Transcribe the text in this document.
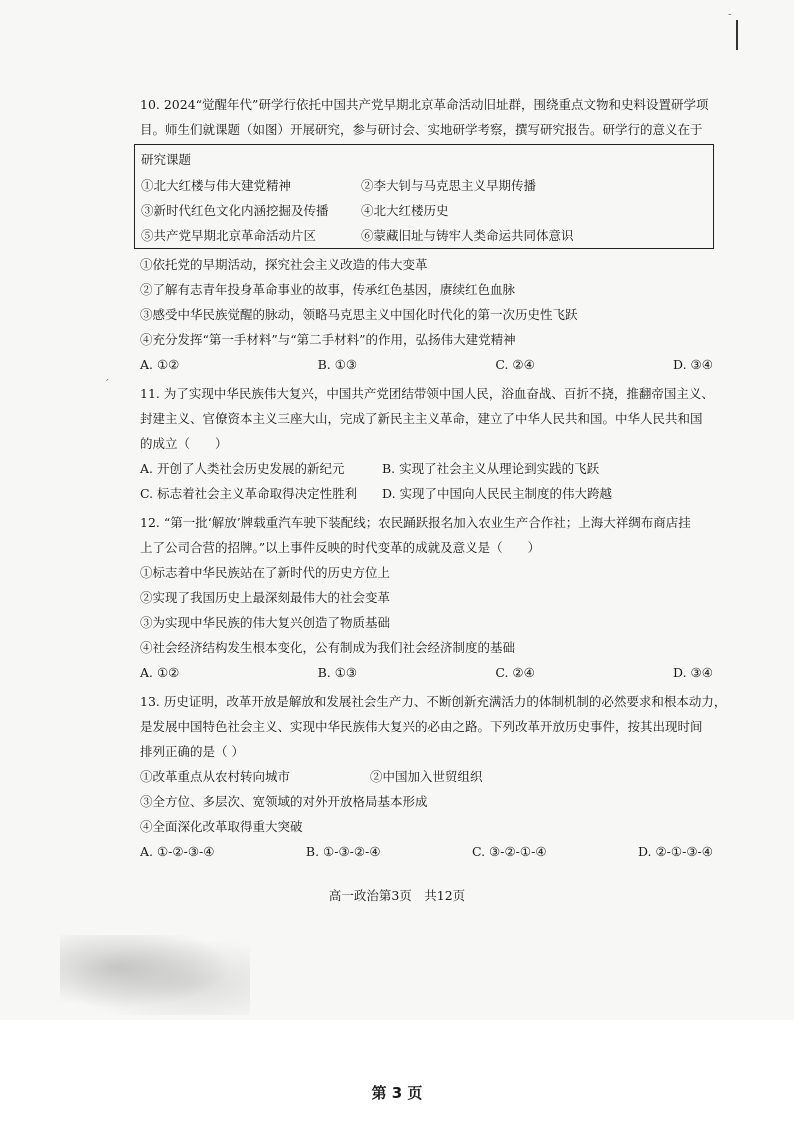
ˉ
ˊ
10. 2024“觉醒年代”研学行依托中国共产党早期北京革命活动旧址群，围绕重点文物和史料设置研学项
目。师生们就课题（如图）开展研究，参与研讨会、实地研学考察，撰写研究报告。研学行的意义在于
研究课题
①北大红楼与伟大建党精神	②李大钊与马克思主义早期传播
③新时代红色文化内涵挖掘及传播	④北大红楼历史
⑤共产党早期北京革命活动片区	⑥蒙藏旧址与铸牢人类命运共同体意识
①依托党的早期活动，探究社会主义改造的伟大变革
②了解有志青年投身革命事业的故事，传承红色基因，赓续红色血脉
③感受中华民族觉醒的脉动，领略马克思主义中国化时代化的第一次历史性飞跃
④充分发挥“第一手材料”与“第二手材料”的作用，弘扬伟大建党精神
A. ①②	B. ①③	C. ②④	D. ③④
11. 为了实现中华民族伟大复兴，中国共产党团结带领中国人民，浴血奋战、百折不挠，推翻帝国主义、
封建主义、官僚资本主义三座大山，完成了新民主主义革命，建立了中华人民共和国。中华人民共和国
的成立（　　）
A. 开创了人类社会历史发展的新纪元	B. 实现了社会主义从理论到实践的飞跃
C. 标志着社会主义革命取得决定性胜利	D. 实现了中国向人民民主制度的伟大跨越
12. “第一批‘解放’牌载重汽车驶下装配线；农民踊跃报名加入农业生产合作社；上海大祥绸布商店挂
上了公司合营的招牌。”以上事件反映的时代变革的成就及意义是（　　）
①标志着中华民族站在了新时代的历史方位上
②实现了我国历史上最深刻最伟大的社会变革
③为实现中华民族的伟大复兴创造了物质基础
④社会经济结构发生根本变化，公有制成为我们社会经济制度的基础
A. ①②	B. ①③	C. ②④	D. ③④
13. 历史证明，改革开放是解放和发展社会生产力、不断创新充满活力的体制机制的必然要求和根本动力，
是发展中国特色社会主义、实现中华民族伟大复兴的必由之路。下列改革开放历史事件，按其出现时间
排列正确的是（ ）
①改革重点从农村转向城市	②中国加入世贸组织
③全方位、多层次、宽领域的对外开放格局基本形成
④全面深化改革取得重大突破
A. ①-②-③-④	B. ①-③-②-④	C. ③-②-①-④	D. ②-①-③-④
高一政治第3页　共12页
第 3 页
